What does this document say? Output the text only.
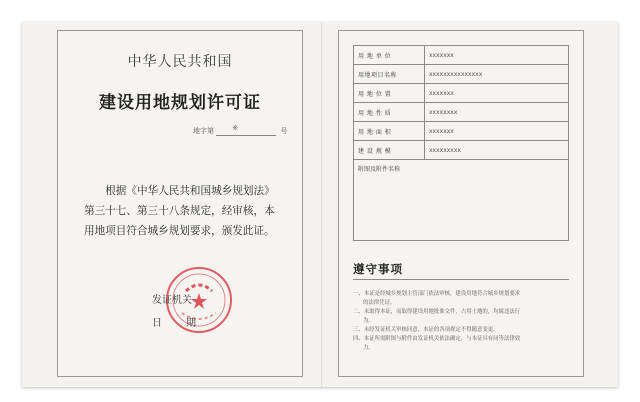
中华人民共和国
建设用地规划许可证
地字第	※	号
根据《中华人民共和国城乡规划法》第三十七、第三十八条规定，经审核，本用地项目符合城乡规划要求，颁发此证。
发证机关
日 期
用 地 单 位	xxxxxxx
用地项目名称	xxxxxxxxxxxxxxx
用 地 位 置	xxxxxxx
用 地 性 质	xxxxxxxx
用 地 面 积	xxxxxxx
建 设 规 模	xxxxxxxxx
附图及附件名称	
遵守事项
一、本证是经城乡规划主管部门依法审核，建设用地符合城乡规划要求
的法律凭证。
二、未取得本证，而取得建设用地批准文件，占用土地的，均属违法行
为。
三、未经发证机关审核同意，本证的各项规定不得随意变更。
四、本证所需附图与附件由发证机关依法确定，与本证具有同等法律效
力。
